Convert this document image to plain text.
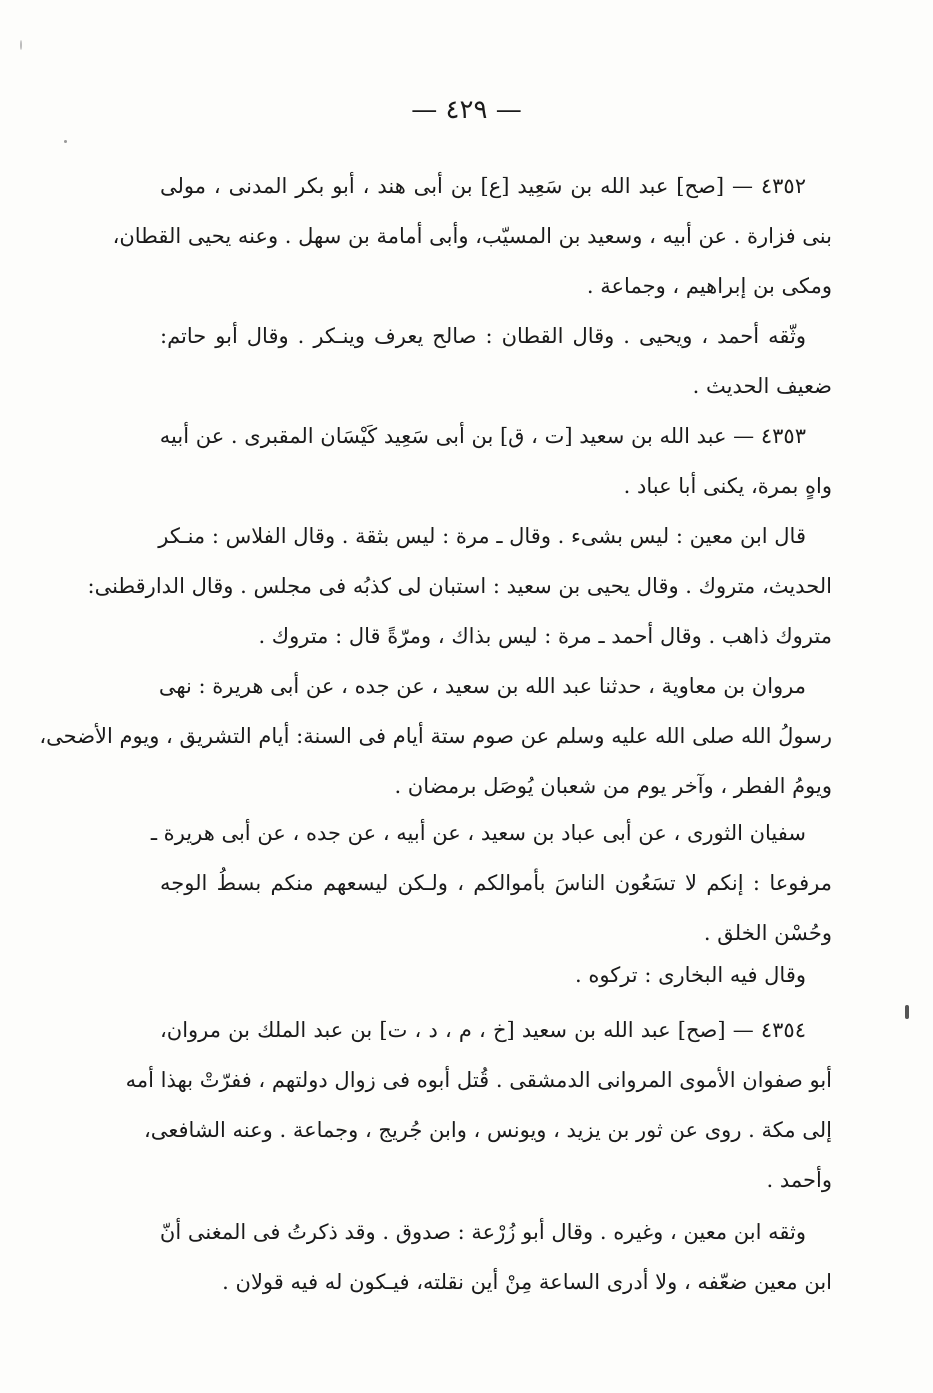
— ٤٢٩ —
٤٣٥٢ — [صح] عبد الله بن سَعِيد [ع] بن أبى هند ، أبو بكر المدنى ، مولى
بنى فزارة . عن أبيه ، وسعيد بن المسيّب، وأبى أمامة بن سهل . وعنه يحيى القطان،
ومكى بن إبراهيم ، وجماعة .
وثّقه أحمد ، ويحيى . وقال القطان : صالح يعرف وينـكر . وقال أبو حاتم:
ضعيف الحديث .
٤٣٥٣ — عبد الله بن سعيد [ت ، ق] بن أبى سَعِيد كَيْسَان المقبرى . عن أبيه
واهٍ بمرة، يكنى أبا عباد .
قال ابن معين : ليس بشىء . وقال ـ مرة : ليس بثقة . وقال الفلاس : منـكر
الحديث، متروك . وقال يحيى بن سعيد : استبان لى كذبُه فى مجلس . وقال الدارقطنى:
متروك ذاهب . وقال أحمد ـ مرة : ليس بذاك ، ومرّةً قال : متروك .
مروان بن معاوية ، حدثنا عبد الله بن سعيد ، عن جده ، عن أبى هريرة : نهى
رسولُ الله صلى الله عليه وسلم عن صوم ستة أيام فى السنة: أيام التشريق ، ويوم الأضحى،
ويومُ الفطر ، وآخر يوم من شعبان يُوصَل برمضان .
سفيان الثورى ، عن أبى عباد بن سعيد ، عن أبيه ، عن جده ، عن أبى هريرة ـ
مرفوعا : إنكم لا تسَعُون الناسَ بأموالكم ، ولـكن ليسعهم منكم بسطُ الوجه
وحُسْن الخلق .
وقال فيه البخارى : تركوه .
٤٣٥٤ — [صح] عبد الله بن سعيد [خ ، م ، د ، ت] بن عبد الملك بن مروان،
أبو صفوان الأموى المروانى الدمشقى . قُتل أبوه فى زوال دولتهم ، ففرّتْ بهذا أمه
إلى مكة . روى عن ثور بن يزيد ، ويونس ، وابن جُريج ، وجماعة . وعنه الشافعى،
وأحمد .
وثقه ابن معين ، وغيره . وقال أبو زُرْعة : صدوق . وقد ذكرتُ فى المغنى أنّ
ابن معين ضعّفه ، ولا أدرى الساعة مِنْ أين نقلته، فيـكون له فيه قولان .
